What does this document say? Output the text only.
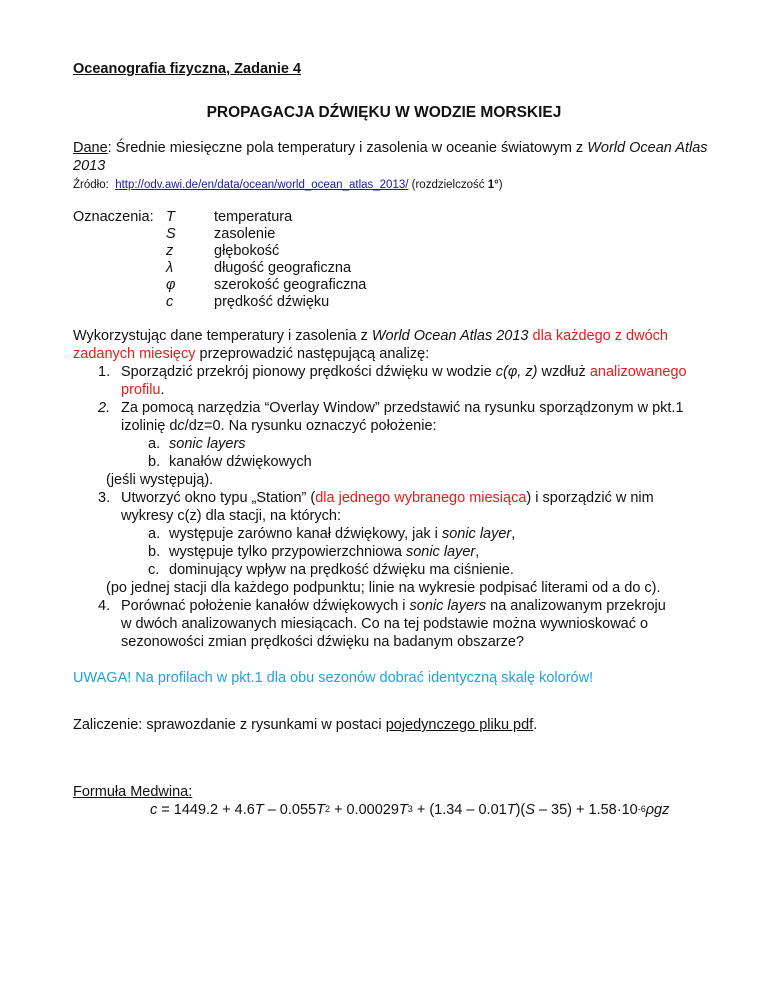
Oceanografia fizyczna, Zadanie 4
PROPAGACJA DŹWIĘKU W WODZIE MORSKIEJ
Dane: Średnie miesięczne pola temperatury i zasolenia w oceanie światowym z World Ocean Atlas
2013
Źródło: http://odv.awi.de/en/data/ocean/world_ocean_atlas_2013/ (rozdzielczość 1°)
Oznaczenia: T
S
z
λ
φ
c
temperatura
zasolenie
głębokość
długość geograficzna
szerokość geograficzna
prędkość dźwięku
Wykorzystując dane temperatury i zasolenia z World Ocean Atlas 2013 dla każdego z dwóch
zadanych miesięcy przeprowadzić następującą analizę:
1. Sporządzić przekrój pionowy prędkości dźwięku w wodzie c(φ, z) wzdłuż analizowanego
profilu.
2. Za pomocą narzędzia “Overlay Window” przedstawić na rysunku sporządzonym w pkt.1
izolinię dc/dz=0. Na rysunku oznaczyć położenie:
a. sonic layers
b. kanałów dźwiękowych
(jeśli występują).
3. Utworzyć okno typu „Station” (dla jednego wybranego miesiąca) i sporządzić w nim
wykresy c(z) dla stacji, na których:
a. występuje zarówno kanał dźwiękowy, jak i sonic layer,
b. występuje tylko przypowierzchniowa sonic layer,
c. dominujący wpływ na prędkość dźwięku ma ciśnienie.
(po jednej stacji dla każdego podpunktu; linie na wykresie podpisać literami od a do c).
4. Porównać położenie kanałów dźwiękowych i sonic layers na analizowanym przekroju
w dwóch analizowanych miesiącach. Co na tej podstawie można wywnioskować o
sezonowości zmian prędkości dźwięku na badanym obszarze?
UWAGA! Na profilach w pkt.1 dla obu sezonów dobrać identyczną skalę kolorów!
Zaliczenie: sprawozdanie z rysunkami w postaci pojedynczego pliku pdf.
Formuła Medwina:
$c = 1449.2 + 4.6T - 0.055T^2 + 0.00029T^3 + (1.34 - 0.01T)(S - 35) + 1.58\cdot 10^{-6}\rho gz$
